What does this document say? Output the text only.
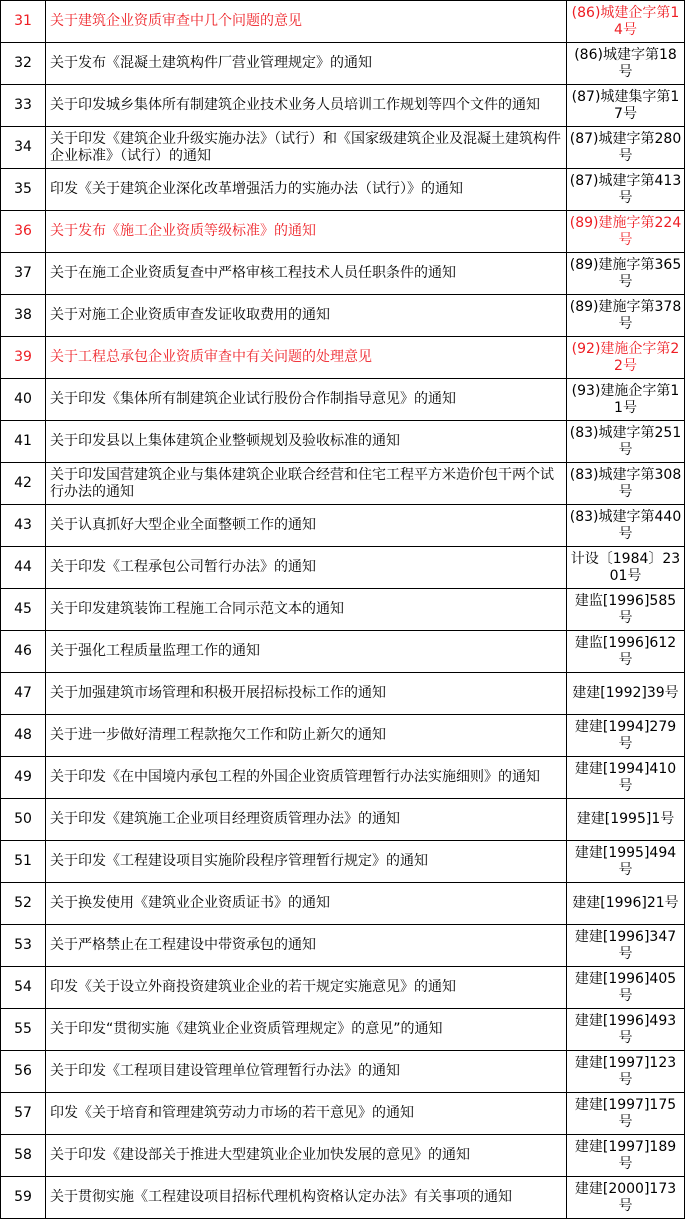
31	关于建筑企业资质审查中几个问题的意见	(86)城建企字第14号
32	关于发布《混凝土建筑构件厂营业管理规定》的通知	(86)城建字第18号
33	关于印发城乡集体所有制建筑企业技术业务人员培训工作规划等四个文件的通知	(87)城建集字第17号
34	关于印发《建筑企业升级实施办法》（试行）和《国家级建筑企业及混凝土建筑构件企业标准》（试行）的通知	(87)城建字第280号
35	印发《关于建筑企业深化改革增强活力的实施办法（试行）》的通知	(87)城建字第413号
36	关于发布《施工企业资质等级标准》的通知	(89)建施字第224号
37	关于在施工企业资质复查中严格审核工程技术人员任职条件的通知	(89)建施字第365号
38	关于对施工企业资质审查发证收取费用的通知	(89)建施字第378号
39	关于工程总承包企业资质审查中有关问题的处理意见	(92)建施企字第22号
40	关于印发《集体所有制建筑企业试行股份合作制指导意见》的通知	(93)建施企字第11号
41	关于印发县以上集体建筑企业整顿规划及验收标准的通知	(83)城建字第251号
42	关于印发国营建筑企业与集体建筑企业联合经营和住宅工程平方米造价包干两个试行办法的通知	(83)城建字第308号
43	关于认真抓好大型企业全面整顿工作的通知	(83)城建字第440号
44	关于印发《工程承包公司暂行办法》的通知	计设〔1984〕2301号
45	关于印发建筑装饰工程施工合同示范文本的通知	建监[1996]585号
46	关于强化工程质量监理工作的通知	建监[1996]612号
47	关于加强建筑市场管理和积极开展招标投标工作的通知	建建[1992]39号
48	关于进一步做好清理工程款拖欠工作和防止新欠的通知	建建[1994]279号
49	关于印发《在中国境内承包工程的外国企业资质管理暂行办法实施细则》的通知	建建[1994]410号
50	关于印发《建筑施工企业项目经理资质管理办法》的通知	建建[1995]1号
51	关于印发《工程建设项目实施阶段程序管理暂行规定》的通知	建建[1995]494号
52	关于换发使用《建筑业企业资质证书》的通知	建建[1996]21号
53	关于严格禁止在工程建设中带资承包的通知	建建[1996]347号
54	印发《关于设立外商投资建筑业企业的若干规定实施意见》的通知	建建[1996]405号
55	关于印发“贯彻实施《建筑业企业资质管理规定》的意见”的通知	建建[1996]493号
56	关于印发《工程项目建设管理单位管理暂行办法》的通知	建建[1997]123号
57	印发《关于培育和管理建筑劳动力市场的若干意见》的通知	建建[1997]175号
58	关于印发《建设部关于推进大型建筑业企业加快发展的意见》的通知	建建[1997]189号
59	关于贯彻实施《工程建设项目招标代理机构资格认定办法》有关事项的通知	建建[2000]173号
